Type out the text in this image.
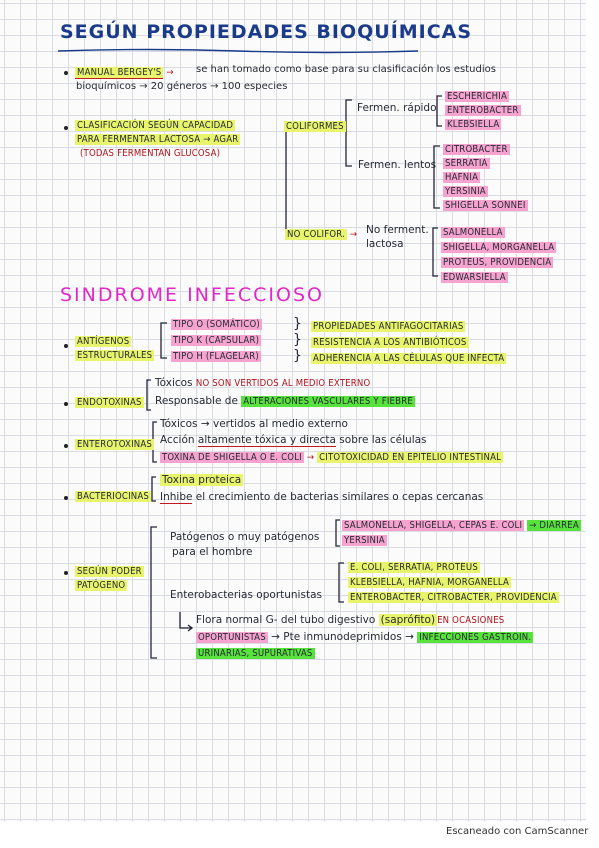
SEGÚN PROPIEDADES BIOQUÍMICAS
MANUAL BERGEY'S → se han tomado como base para su clasificación los estudios
bioquímicos → 20 géneros → 100 especies
CLASIFICACIÓN SEGÚN CAPACIDAD
PARA FERMENTAR LACTOSA → AGAR
(TODAS FERMENTAN GLUCOSA)
COLIFORMES
Fermen. rápido
ESCHERICHIA
ENTEROBACTER
KLEBSIELLA
Fermen. lentos
CITROBACTER
SERRATIA
HAFNIA
YERSINIA
SHIGELLA SONNEI
NO COLIFOR. → No ferment.
lactosa
SALMONELLA
SHIGELLA, MORGANELLA
PROTEUS, PROVIDENCIA
EDWARSIELLA
SINDROME INFECCIOSO
ANTÍGENOS
ESTRUCTURALES
TIPO O (SOMÁTICO)
TIPO K (CAPSULAR)
TIPO H (FLAGELAR)
}
}
}
PROPIEDADES ANTIFAGOCITARIAS
RESISTENCIA A LOS ANTIBIÓTICOS
ADHERENCIA A LAS CÉLULAS QUE INFECTA
ENDOTOXINAS
Tóxicos NO SON VERTIDOS AL MEDIO EXTERNO
Responsable de ALTERACIONES VASCULARES Y FIEBRE
ENTEROTOXINAS
Tóxicos → vertidos al medio externo
Acción altamente tóxica y directa sobre las células
TOXINA DE SHIGELLA O E. COLI → CITOTOXICIDAD EN EPITELIO INTESTINAL
BACTERIOCINAS
Toxina proteica
Inhibe el crecimiento de bacterias similares o cepas cercanas
SEGÚN PODER
PATÓGENO
Patógenos o muy patógenos
para el hombre
SALMONELLA, SHIGELLA, CEPAS E. COLI → DIARREA
YERSINIA
Enterobacterias oportunistas
E. COLI, SERRATIA, PROTEUS
KLEBSIELLA, HAFNIA, MORGANELLA
ENTEROBACTER, CITROBACTER, PROVIDENCIA
Flora normal G- del tubo digestivo (saprófito) EN OCASIONES
OPORTUNISTAS → Pte inmunodeprimidos → INFECCIONES GASTROIN.
URINARIAS, SUPURATIVAS
Escaneado con CamScanner
